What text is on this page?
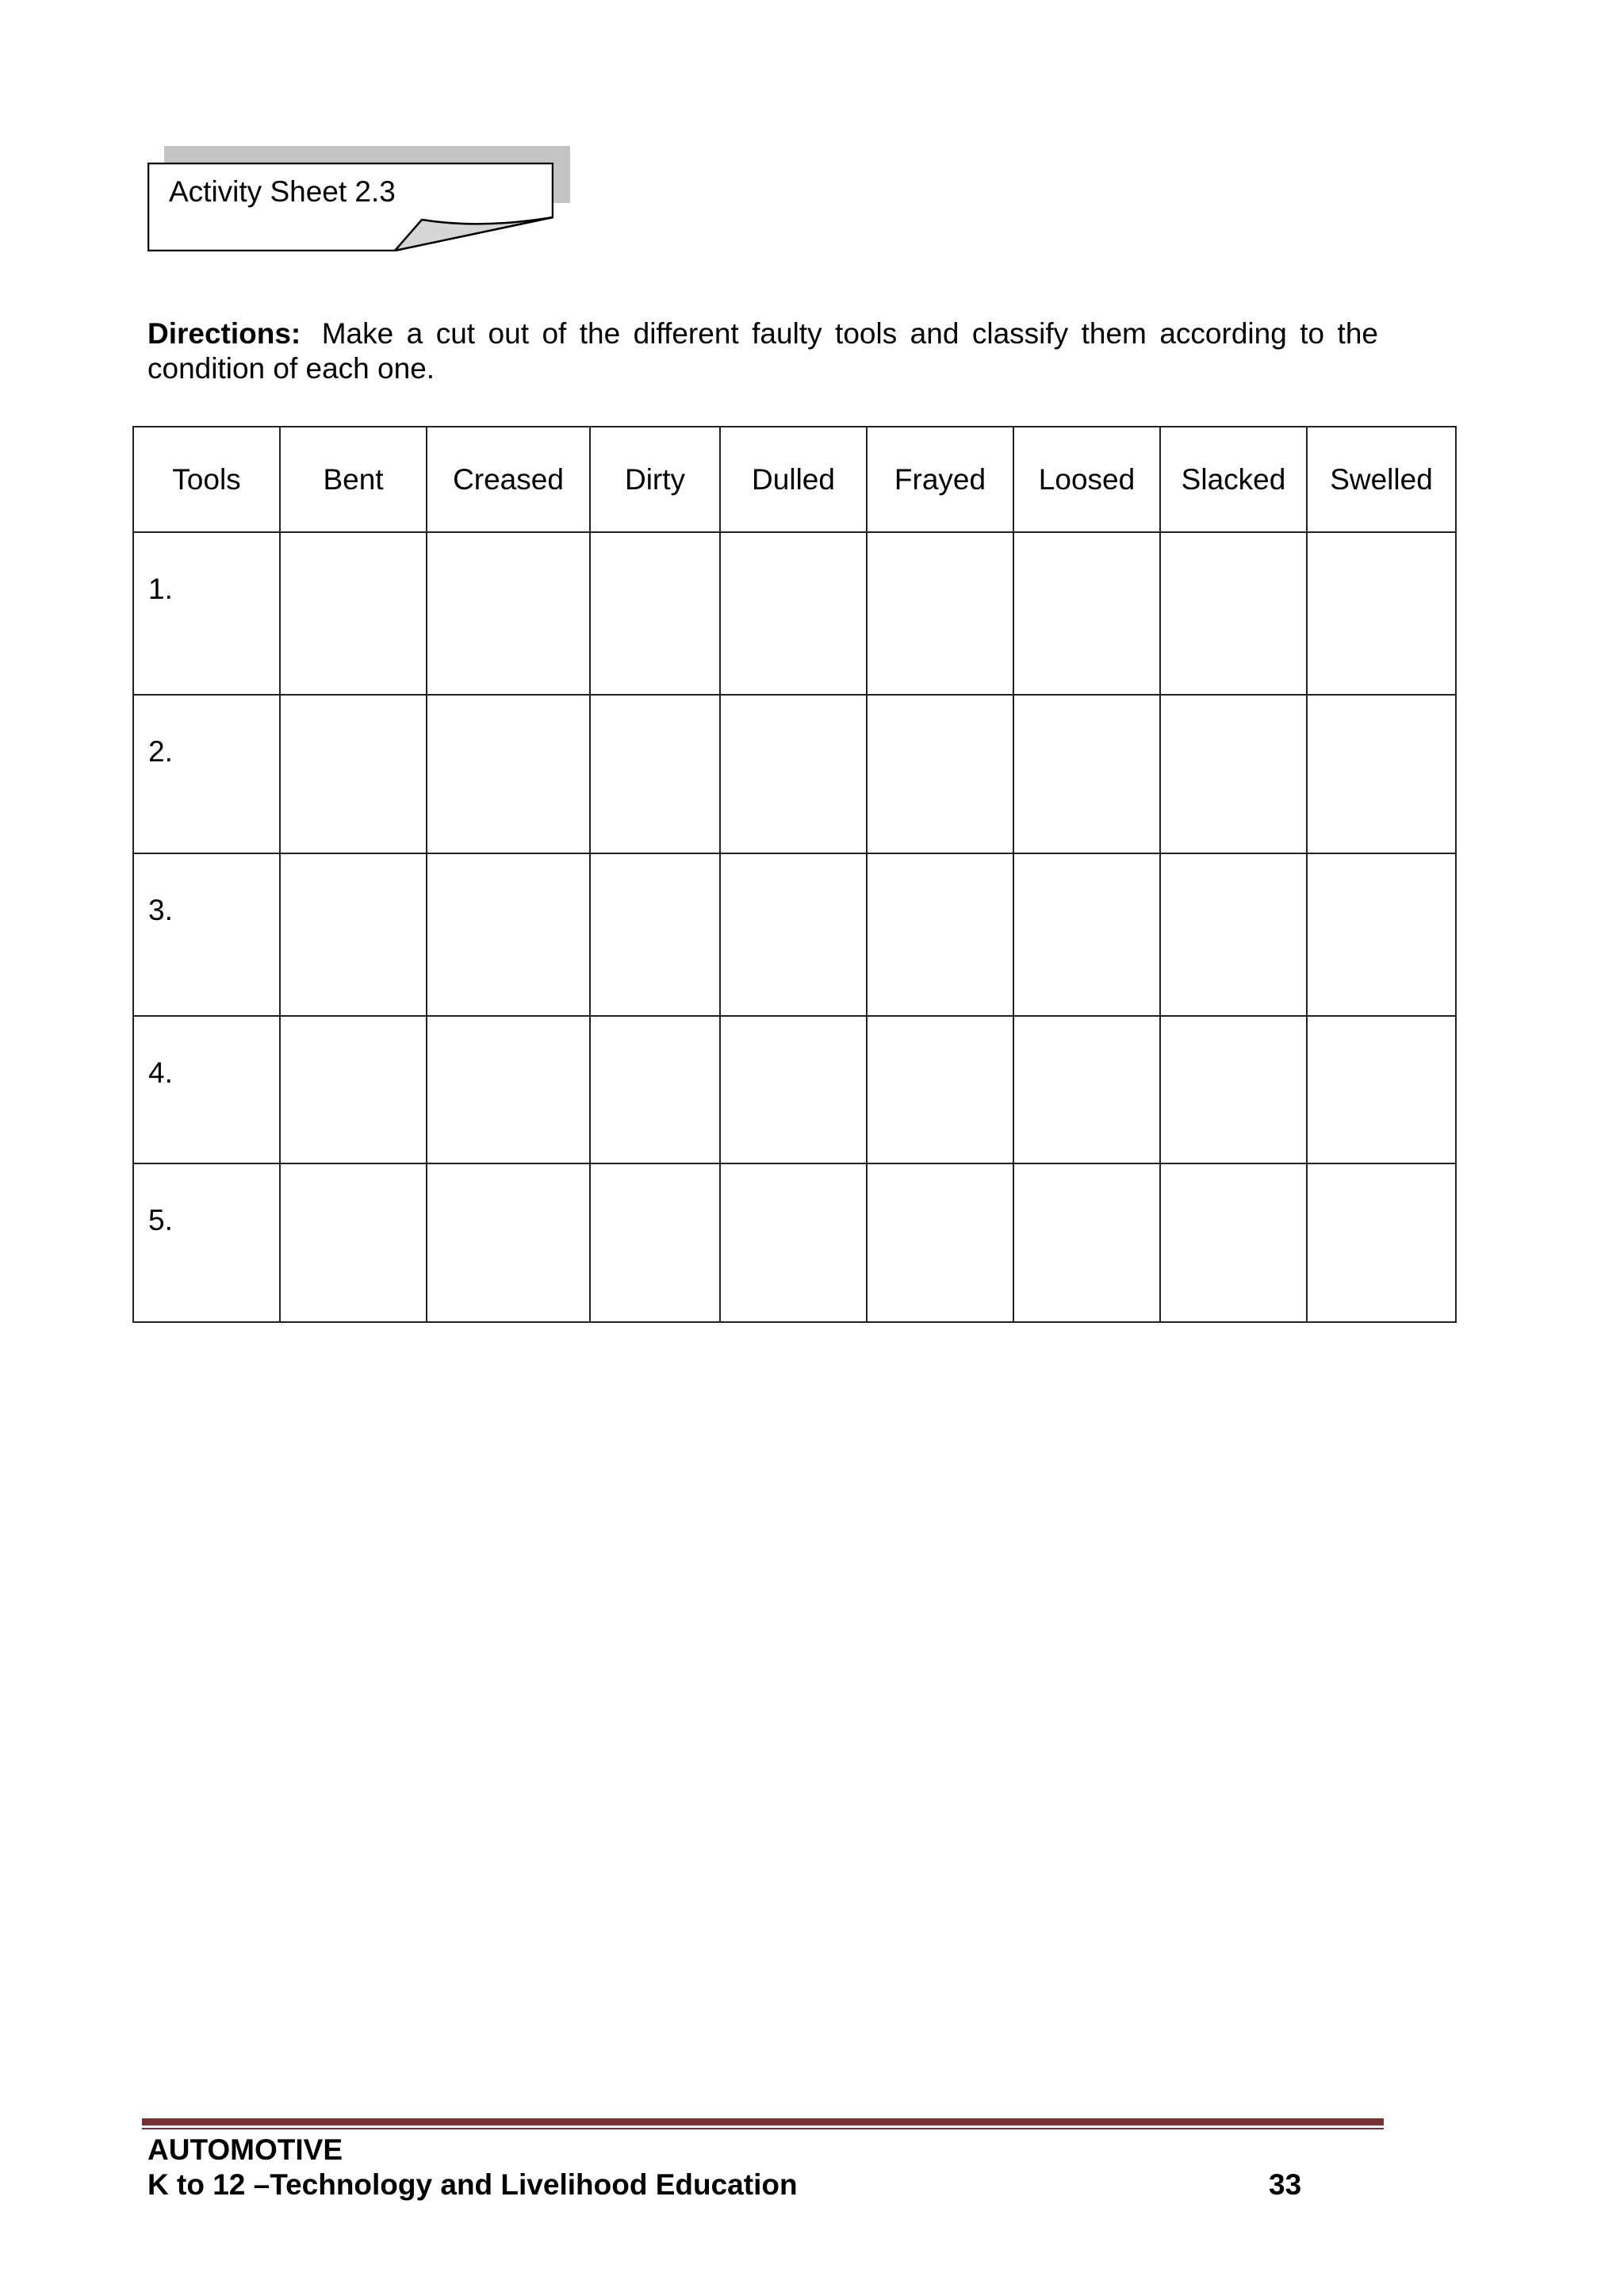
Activity Sheet 2.3

Directions: Make a cut out of the different faulty tools and classify them according to the condition of each one.

Tools	Bent	Creased	Dirty	Dulled	Frayed	Loosed	Slacked	Swelled
1.								
2.								
3.								
4.								
5.								
AUTOMOTIVE
K to 12 –Technology and Livelihood Education	33
